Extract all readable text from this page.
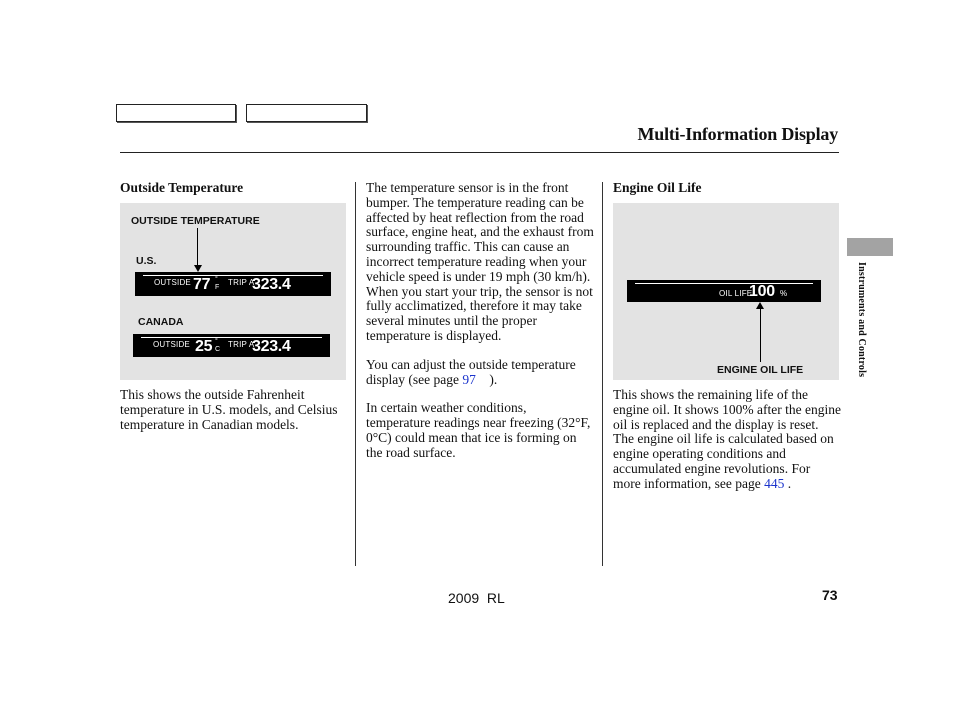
Multi-Information Display
Outside Temperature
OUTSIDE TEMPERATURE
U.S.
OUTSIDE 77 °
F
TRIP A
323.4
CANADA
OUTSIDE 25 °
C
TRIP A
323.4

This shows the outside Fahrenheit temperature in U.S. models, and Celsius temperature in Canadian models.

The temperature sensor is in the front bumper. The temperature reading can be affected by heat reflection from the road surface, engine heat, and the exhaust from surrounding traffic. This can cause an incorrect temperature reading when your vehicle speed is under 19 mph (30 km/h). When you start your trip, the sensor is not fully acclimatized, therefore it may take several minutes until the proper temperature is displayed.

You can adjust the outside temperature display (see page 97    ).

In certain weather conditions, temperature readings near freezing (32°F, 0°C) could mean that ice is forming on the road surface.

Engine Oil Life
OIL LIFE
100 %
ENGINE OIL LIFE

This shows the remaining life of the engine oil. It shows 100% after the engine oil is replaced and the display is reset. The engine oil life is calculated based on engine operating conditions and accumulated engine revolutions. For more information, see page 445 .

Instruments and Controls
2009  RL	73
